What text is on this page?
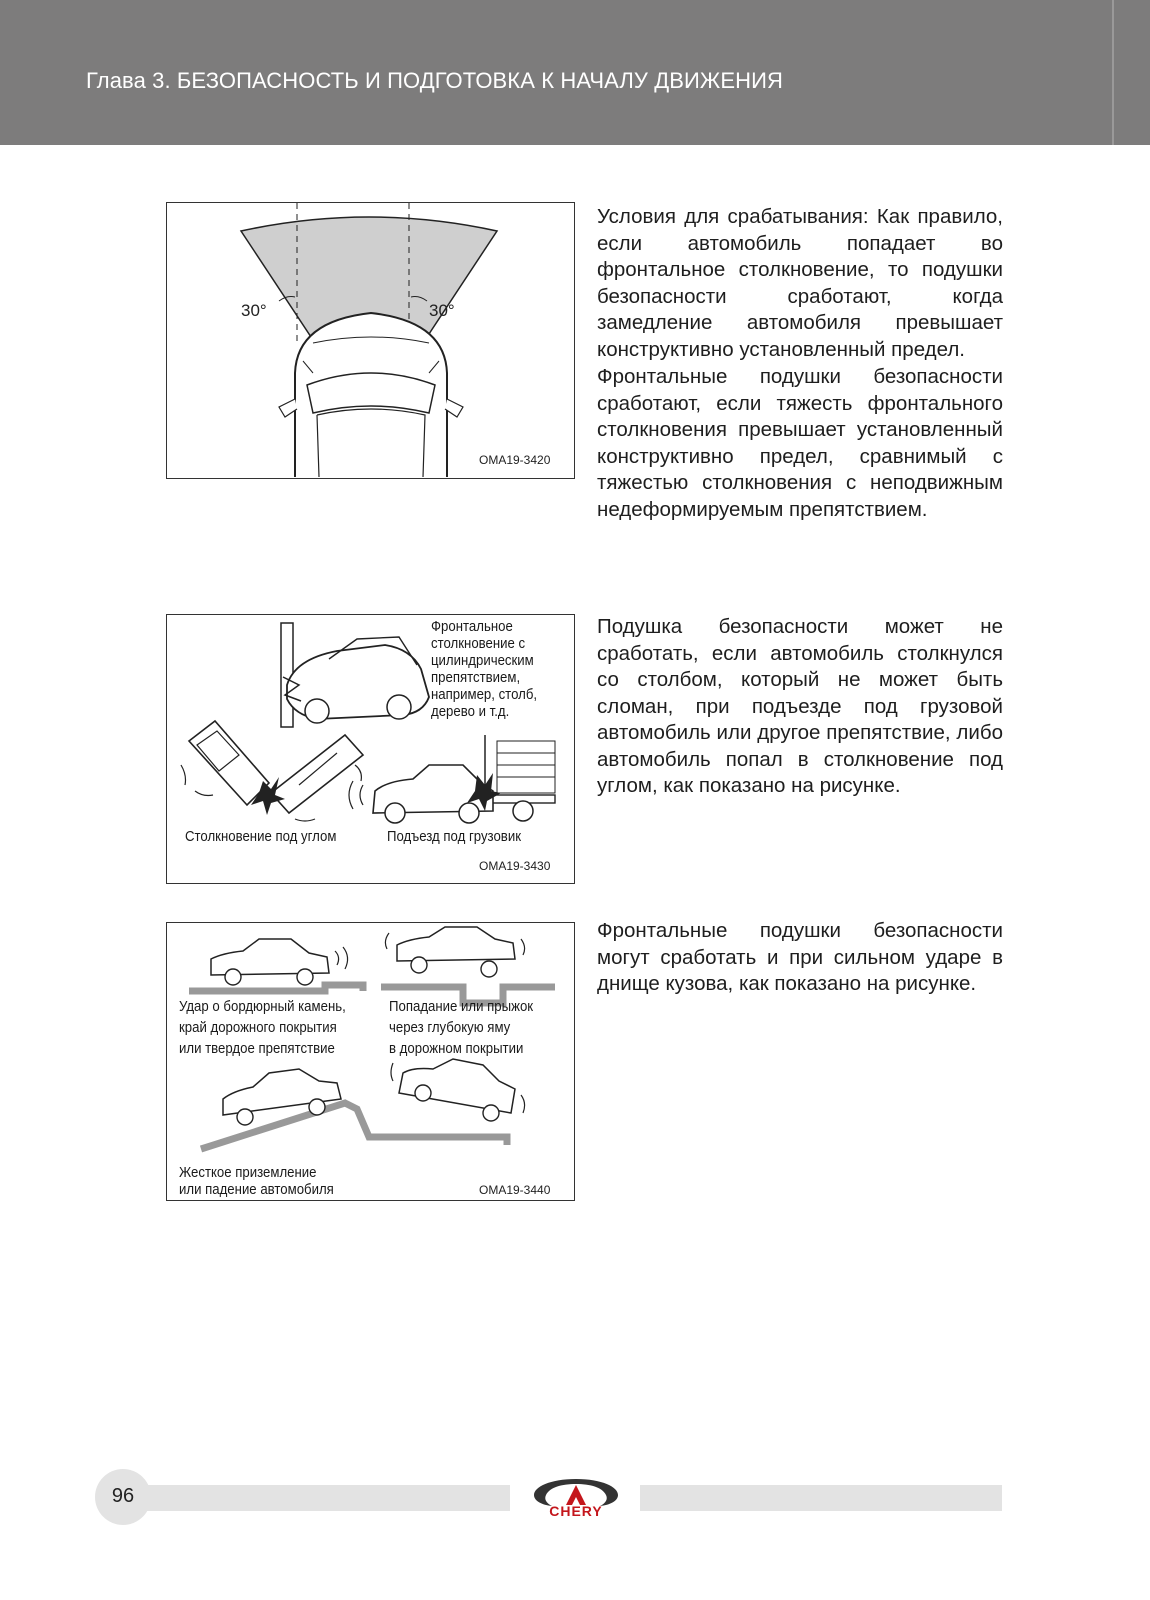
Глава 3. БЕЗОПАСНОСТЬ И ПОДГОТОВКА К НАЧАЛУ ДВИЖЕНИЯ
30°	30°
OMA19-3420
Фронтальное
столкновение с
цилиндрическим
препятствием,
например, столб,
дерево и т.д.
Столкновение под углом	Подъезд под грузовик
OMA19-3430
Удар о бордюрный камень,
край дорожного покрытия
или твердое препятствие
Попадание или прыжок
через глубокую яму
в дорожном покрытии
Жесткое приземление
или падение автомобиля	OMA19-3440

Условия для срабатывания: Как правило, если автомобиль попадает во фронтальное столкновение, то подушки безопасности сработают, когда замедление автомобиля превышает конструктивно установленный предел.

Фронтальные подушки безопасности сработают, если тяжесть фронтального столкновения превышает установленный конструктивно предел, сравнимый с тяжестью столкновения с неподвижным недеформируемым препятствием.

Подушка безопасности может не сработать, если автомобиль столкнулся со столбом, который не может быть сломан, при подъезде под грузовой автомобиль или другое препятствие, либо автомобиль попал в столкновение под углом, как показано на рисунке.

Фронтальные подушки безопасности могут сработать и при сильном ударе в днище кузова, как показано на рисунке.

96
CHERY
